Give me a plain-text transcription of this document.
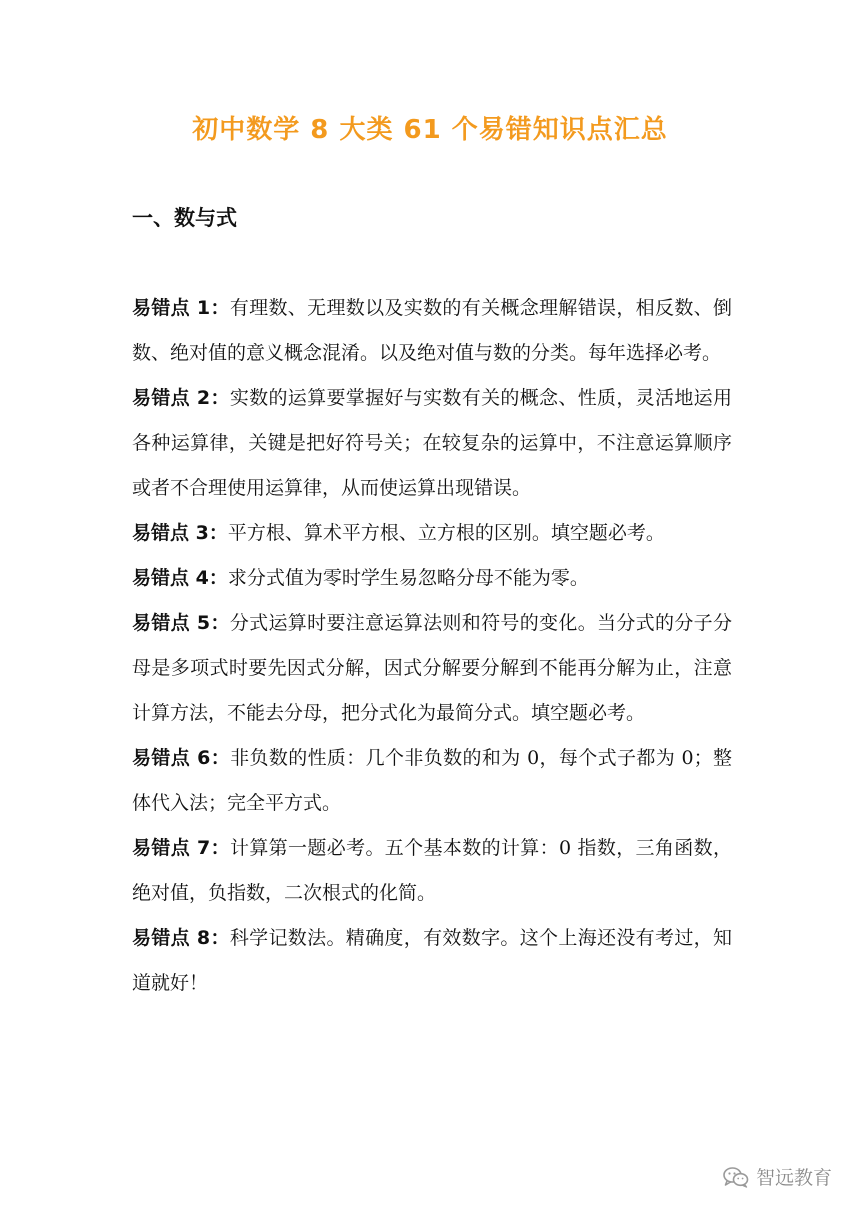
初中数学 8 大类 61 个易错知识点汇总
一、数与式
易错点 1：有理数、无理数以及实数的有关概念理解错误，相反数、倒数、绝对值的意义概念混淆。以及绝对值与数的分类。每年选择必考。
易错点 2：实数的运算要掌握好与实数有关的概念、性质，灵活地运用各种运算律，关键是把好符号关；在较复杂的运算中，不注意运算顺序或者不合理使用运算律，从而使运算出现错误。
易错点 3：平方根、算术平方根、立方根的区别。填空题必考。
易错点 4：求分式值为零时学生易忽略分母不能为零。
易错点 5：分式运算时要注意运算法则和符号的变化。当分式的分子分母是多项式时要先因式分解，因式分解要分解到不能再分解为止，注意计算方法，不能去分母，把分式化为最简分式。填空题必考。
易错点 6：非负数的性质：几个非负数的和为 0，每个式子都为 0；整体代入法；完全平方式。
易错点 7：计算第一题必考。五个基本数的计算：0 指数，三角函数，绝对值，负指数，二次根式的化简。
易错点 8：科学记数法。精确度，有效数字。这个上海还没有考过，知道就好！
智远教育
